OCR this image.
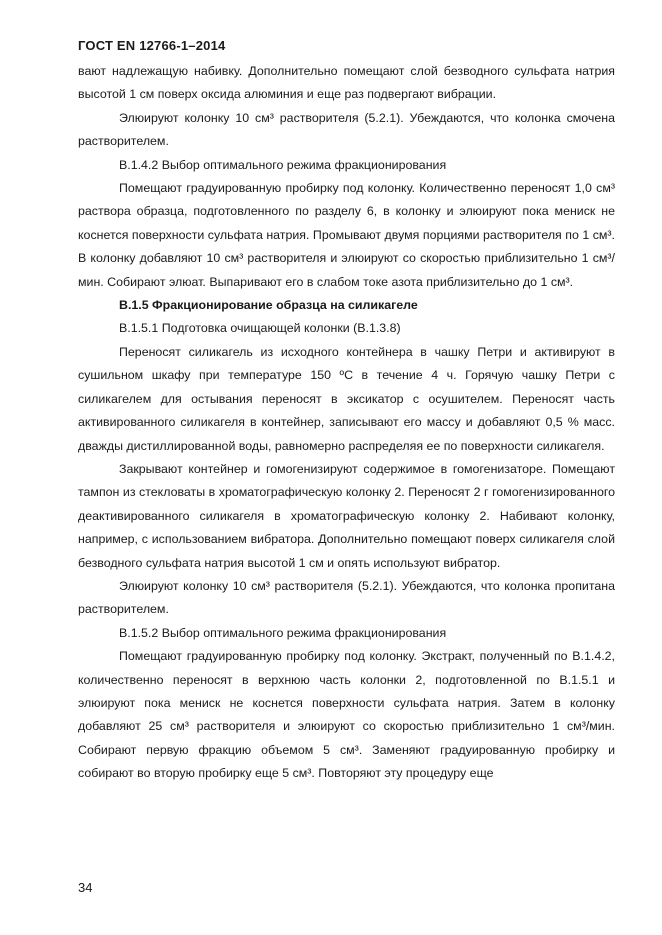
ГОСТ EN 12766-1–2014

вают надлежащую набивку. Дополнительно помещают слой безводного сульфата натрия высотой 1 см поверх оксида алюминия и еще раз подвергают вибрации.

Элюируют колонку 10 см³ растворителя (5.2.1). Убеждаются, что колонка смочена растворителем.

В.1.4.2 Выбор оптимального режима фракционирования

Помещают градуированную пробирку под колонку. Количественно переносят 1,0 см³ раствора образца, подготовленного по разделу 6, в колонку и элюируют пока мениск не коснется поверхности сульфата натрия. Промывают двумя порциями растворителя по 1 см³. В колонку добавляют 10 см³ растворителя и элюируют со скоростью приблизительно 1 см³/мин. Собирают элюат. Выпаривают его в слабом токе азота приблизительно до 1 см³.

В.1.5 Фракционирование образца на силикагеле

В.1.5.1 Подготовка очищающей колонки (В.1.3.8)

Переносят силикагель из исходного контейнера в чашку Петри и активируют в сушильном шкафу при температуре 150 ºС в течение 4 ч. Горячую чашку Петри с силикагелем для остывания переносят в эксикатор с осушителем. Переносят часть активированного силикагеля в контейнер, записывают его массу и добавляют 0,5 % масс. дважды дистиллированной воды, равномерно распределяя ее по поверхности силикагеля.

Закрывают контейнер и гомогенизируют содержимое в гомогенизаторе. Помещают тампон из стекловаты в хроматографическую колонку 2. Переносят 2 г гомогенизированного деактивированного силикагеля в хроматографическую колонку 2. Набивают колонку, например, с использованием вибратора. Дополнительно помещают поверх силикагеля слой безводного сульфата натрия высотой 1 см и опять используют вибратор.

Элюируют колонку 10 см³ растворителя (5.2.1). Убеждаются, что колонка пропитана растворителем.

В.1.5.2 Выбор оптимального режима фракционирования

Помещают градуированную пробирку под колонку. Экстракт, полученный по В.1.4.2, количественно переносят в верхнюю часть колонки 2, подготовленной по В.1.5.1 и элюируют пока мениск не коснется поверхности сульфата натрия. Затем в колонку добавляют 25 см³ растворителя и элюируют со скоростью приблизительно 1 см³/мин. Собирают первую фракцию объемом 5 см³. Заменяют градуированную пробирку и собирают во вторую пробирку еще 5 см³. Повторяют эту процедуру еще

34
